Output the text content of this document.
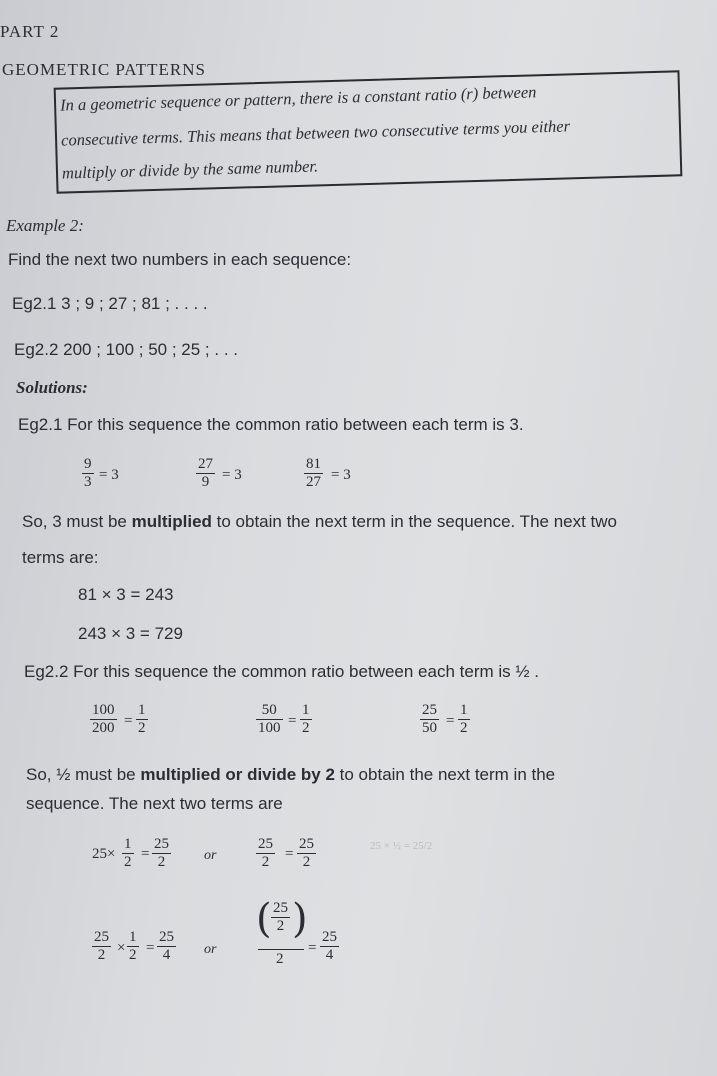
PART 2
GEOMETRIC PATTERNS
In a geometric sequence or pattern, there is a constant ratio (r) between
consecutive terms. This means that between two consecutive terms you either
multiply or divide by the same number.
Example 2:
Find the next two numbers in each sequence:
Eg2.1 3 ; 9 ; 27 ; 81 ; . . . .
Eg2.2 200 ; 100 ; 50 ; 25 ; . . .
Solutions:
Eg2.1 For this sequence the common ratio between each term is 3.
$\frac{9}{3} = 3$	$\frac{27}{9} = 3$	$\frac{81}{27} = 3$
So, 3 must be multiplied to obtain the next term in the sequence. The next two
terms are:
81 × 3 = 243
243 × 3 = 729
Eg2.2 For this sequence the common ratio between each term is ½ .
$\frac{100}{200} = \frac{1}{2}$	$\frac{50}{100} = \frac{1}{2}$	$\frac{25}{50} = \frac{1}{2}$
So, ½ must be multiplied or divide by 2 to obtain the next term in the
sequence. The next two terms are
$25\times \frac{1}{2} = \frac{25}{2}$ or	$\frac{25}{2} = \frac{25}{2}$	25 × ½ = 25/2
$\frac{25}{2} \times \frac{1}{2} = \frac{25}{4}$ or
( $\frac{25}{2}$ )
2
= $\frac{25}{4}$
